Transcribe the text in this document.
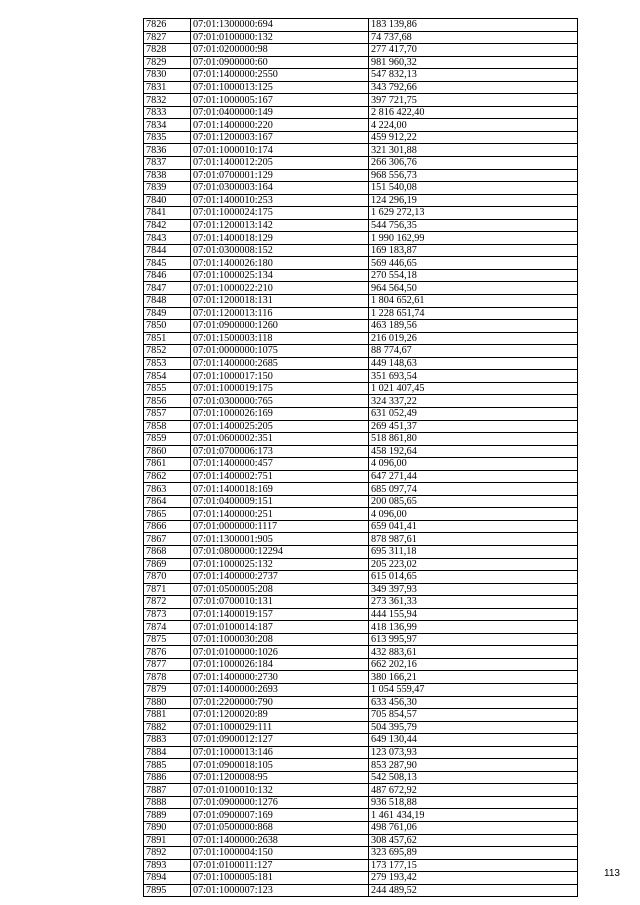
7826	07:01:1300000:694	183 139,86
7827	07:01:0100000:132	74 737,68
7828	07:01:0200000:98	277 417,70
7829	07:01:0900000:60	981 960,32
7830	07:01:1400000:2550	547 832,13
7831	07:01:1000013:125	343 792,66
7832	07:01:1000005:167	397 721,75
7833	07:01:0400000:149	2 816 422,40
7834	07:01:1400000:220	4 224,00
7835	07:01:1200003:167	459 912,22
7836	07:01:1000010:174	321 301,88
7837	07:01:1400012:205	266 306,76
7838	07:01:0700001:129	968 556,73
7839	07:01:0300003:164	151 540,08
7840	07:01:1400010:253	124 296,19
7841	07:01:1000024:175	1 629 272,13
7842	07:01:1200013:142	544 756,35
7843	07:01:1400018:129	1 990 162,99
7844	07:01:0300008:152	169 183,87
7845	07:01:1400026:180	569 446,65
7846	07:01:1000025:134	270 554,18
7847	07:01:1000022:210	964 564,50
7848	07:01:1200018:131	1 804 652,61
7849	07:01:1200013:116	1 228 651,74
7850	07:01:0900000:1260	463 189,56
7851	07:01:1500003:118	216 019,26
7852	07:01:0000000:1075	88 774,67
7853	07:01:1400000:2685	449 148,63
7854	07:01:1000017:150	351 693,54
7855	07:01:1000019:175	1 021 407,45
7856	07:01:0300000:765	324 337,22
7857	07:01:1000026:169	631 052,49
7858	07:01:1400025:205	269 451,37
7859	07:01:0600002:351	518 861,80
7860	07:01:0700006:173	458 192,64
7861	07:01:1400000:457	4 096,00
7862	07:01:1400002:751	647 271,44
7863	07:01:1400018:169	685 097,74
7864	07:01:0400009:151	200 085,65
7865	07:01:1400000:251	4 096,00
7866	07:01:0000000:1117	659 041,41
7867	07:01:1300001:905	878 987,61
7868	07:01:0800000:12294	695 311,18
7869	07:01:1000025:132	205 223,02
7870	07:01:1400000:2737	615 014,65
7871	07:01:0500005:208	349 397,93
7872	07:01:0700010:131	273 361,33
7873	07:01:1400019:157	444 155,94
7874	07:01:0100014:187	418 136,99
7875	07:01:1000030:208	613 995,97
7876	07:01:0100000:1026	432 883,61
7877	07:01:1000026:184	662 202,16
7878	07:01:1400000:2730	380 166,21
7879	07:01:1400000:2693	1 054 559,47
7880	07:01:2200000:790	633 456,30
7881	07:01:1200020:89	705 854,57
7882	07:01:1000029:111	504 395,79
7883	07:01:0900012:127	649 130,44
7884	07:01:1000013:146	123 073,93
7885	07:01:0900018:105	853 287,90
7886	07:01:1200008:95	542 508,13
7887	07:01:0100010:132	487 672,92
7888	07:01:0900000:1276	936 518,88
7889	07:01:0900007:169	1 461 434,19
7890	07:01:0500000:868	498 761,06
7891	07:01:1400000:2638	308 457,62
7892	07:01:1000004:150	323 695,89
7893	07:01:0100011:127	173 177,15
7894	07:01:1000005:181	279 193,42
7895	07:01:1000007:123	244 489,52
113
